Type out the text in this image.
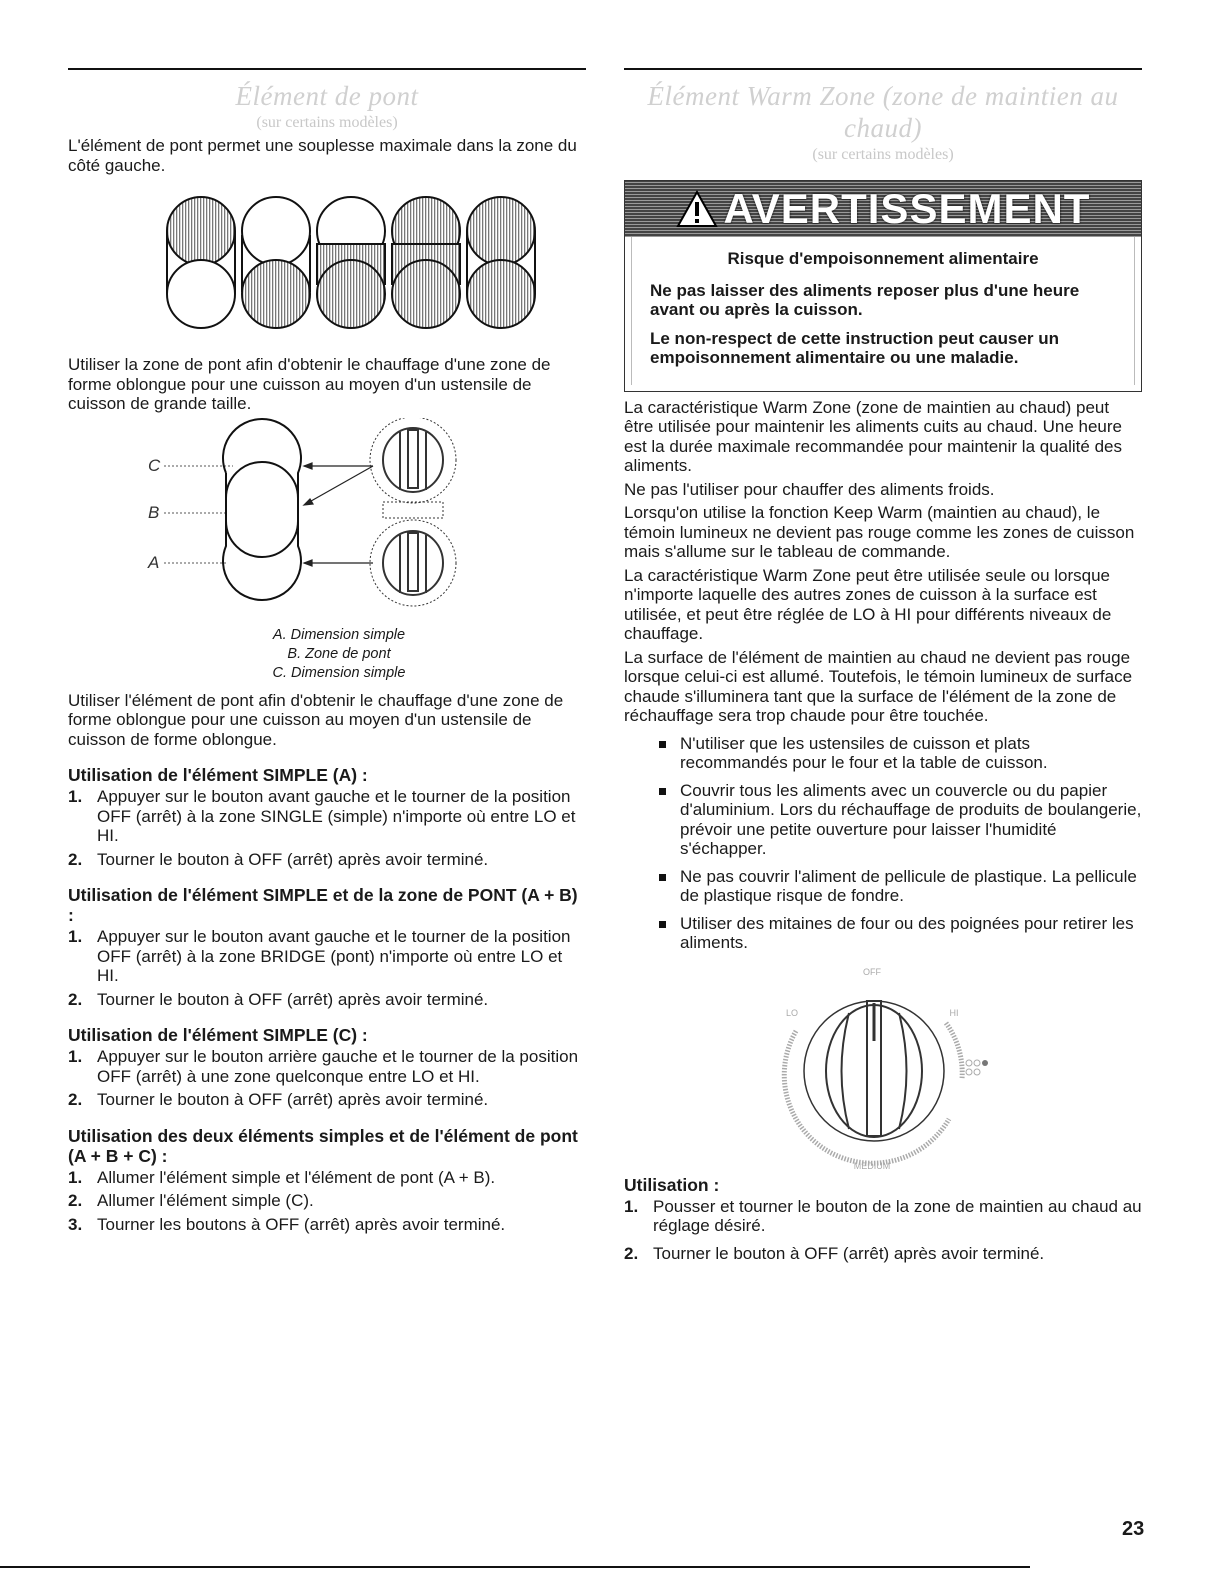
Élément de pont
(sur certains modèles)

L'élément de pont permet une souplesse maximale dans la zone du côté gauche.

Utiliser la zone de pont afin d'obtenir le chauffage d'une zone de forme oblongue pour une cuisson au moyen d'un ustensile de cuisson de grande taille.

C
B
A
A. Dimension simple
B. Zone de pont
C. Dimension simple

Utiliser l'élément de pont afin d'obtenir le chauffage d'une zone de forme oblongue pour une cuisson au moyen d'un ustensile de cuisson de forme oblongue.

Utilisation de l'élément SIMPLE (A) :
1. Appuyer sur le bouton avant gauche et le tourner de la position OFF (arrêt) à la zone SINGLE (simple) n'importe où entre LO et HI.
2. Tourner le bouton à OFF (arrêt) après avoir terminé.
Utilisation de l'élément SIMPLE et de la zone de PONT (A + B) :
1. Appuyer sur le bouton avant gauche et le tourner de la position OFF (arrêt) à la zone BRIDGE (pont) n'importe où entre LO et HI.
2. Tourner le bouton à OFF (arrêt) après avoir terminé.
Utilisation de l'élément SIMPLE (C) :
1. Appuyer sur le bouton arrière gauche et le tourner de la position OFF (arrêt) à une zone quelconque entre LO et HI.
2. Tourner le bouton à OFF (arrêt) après avoir terminé.
Utilisation des deux éléments simples et de l'élément de pont (A + B + C) :
1. Allumer l'élément simple et l'élément de pont (A + B).
2. Allumer l'élément simple (C).
3. Tourner les boutons à OFF (arrêt) après avoir terminé.
Élément Warm Zone (zone de maintien au chaud)
(sur certains modèles)
AVERTISSEMENT

Risque d'empoisonnement alimentaire

Ne pas laisser des aliments reposer plus d'une heure avant ou après la cuisson.

Le non-respect de cette instruction peut causer un empoisonnement alimentaire ou une maladie.

La caractéristique Warm Zone (zone de maintien au chaud) peut être utilisée pour maintenir les aliments cuits au chaud. Une heure est la durée maximale recommandée pour maintenir la qualité des aliments.

Ne pas l'utiliser pour chauffer des aliments froids.

Lorsqu'on utilise la fonction Keep Warm (maintien au chaud), le témoin lumineux ne devient pas rouge comme les zones de cuisson mais s'allume sur le tableau de commande.

La caractéristique Warm Zone peut être utilisée seule ou lorsque n'importe laquelle des autres zones de cuisson à la surface est utilisée, et peut être réglée de LO à HI pour différents niveaux de chauffage.

La surface de l'élément de maintien au chaud ne devient pas rouge lorsque celui-ci est allumé. Toutefois, le témoin lumineux de surface chaude s'illuminera tant que la surface de l'élément de la zone de réchauffage sera trop chaude pour être touchée.

N'utiliser que les ustensiles de cuisson et plats recommandés pour le four et la table de cuisson.
Couvrir tous les aliments avec un couvercle ou du papier d'aluminium. Lors du réchauffage de produits de boulangerie, prévoir une petite ouverture pour laisser l'humidité s'échapper.
Ne pas couvrir l'aliment de pellicule de plastique. La pellicule de plastique risque de fondre.
Utiliser des mitaines de four ou des poignées pour retirer les aliments.
OFF
LO	HI
MEDIUM
Utilisation :
1. Pousser et tourner le bouton de la zone de maintien au chaud au réglage désiré.
2. Tourner le bouton à OFF (arrêt) après avoir terminé.
23
